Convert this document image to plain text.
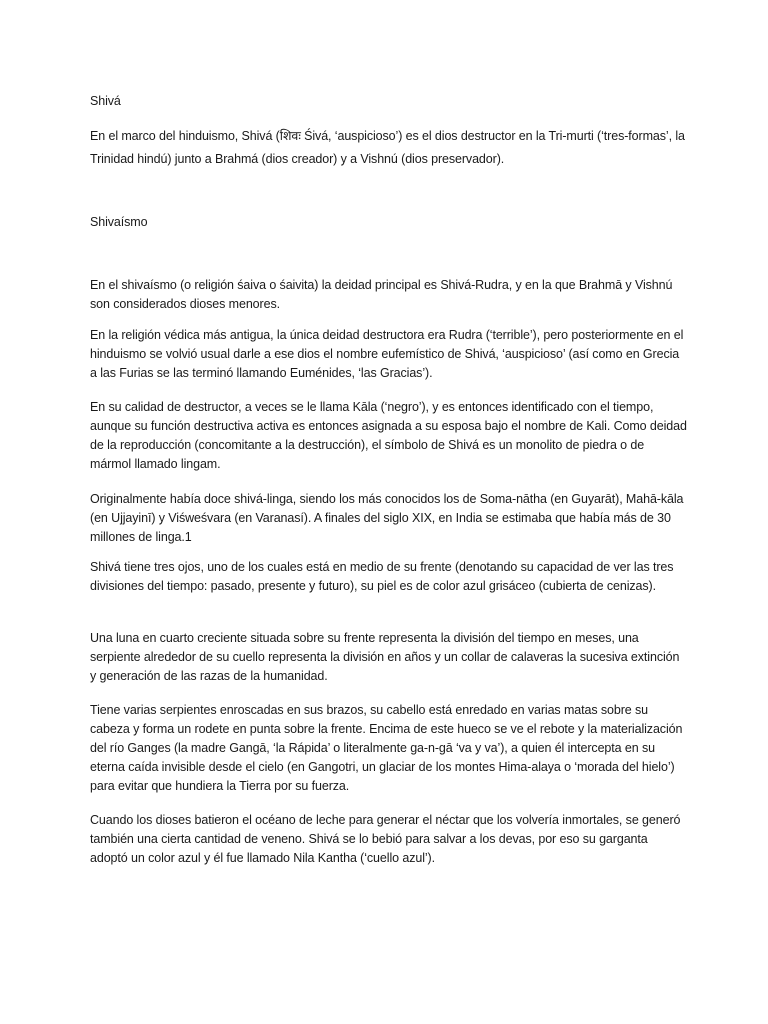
Shivá

En el marco del hinduismo, Shivá (शिवः Śivá, ‘auspicioso’) es el dios destructor en la Tri-murti (‘tres-formas’, la Trinidad hindú) junto a Brahmá (dios creador) y a Vishnú (dios preservador).

Shivaísmo

En el shivaísmo (o religión śaiva o śaivita) la deidad principal es Shivá-Rudra, y en la que Brahmā y Vishnú son considerados dioses menores.

En la religión védica más antigua, la única deidad destructora era Rudra (‘terrible’), pero posteriormente en el hinduismo se volvió usual darle a ese dios el nombre eufemístico de Shivá, ‘auspicioso’ (así como en Grecia a las Furias se las terminó llamando Euménides, ‘las Gracias’).

En su calidad de destructor, a veces se le llama Kāla (‘negro’), y es entonces identificado con el tiempo, aunque su función destructiva activa es entonces asignada a su esposa bajo el nombre de Kali. Como deidad de la reproducción (concomitante a la destrucción), el símbolo de Shivá es un monolito de piedra o de mármol llamado lingam.

Originalmente había doce shivá-linga, siendo los más conocidos los de Soma-nātha (en Guyarāt), Mahā-kāla (en Ujjayinī) y Viśweśvara (en Varanasí). A finales del siglo XIX, en India se estimaba que había más de 30 millones de linga.1

Shivá tiene tres ojos, uno de los cuales está en medio de su frente (denotando su capacidad de ver las tres divisiones del tiempo: pasado, presente y futuro), su piel es de color azul grisáceo (cubierta de cenizas).

Una luna en cuarto creciente situada sobre su frente representa la división del tiempo en meses, una serpiente alrededor de su cuello representa la división en años y un collar de calaveras la sucesiva extinción y generación de las razas de la humanidad.

Tiene varias serpientes enroscadas en sus brazos, su cabello está enredado en varias matas sobre su cabeza y forma un rodete en punta sobre la frente. Encima de este hueco se ve el rebote y la materialización del río Ganges (la madre Gangā, ‘la Rápida’ o literalmente ga-n-gā ‘va y va’), a quien él intercepta en su eterna caída invisible desde el cielo (en Gangotri, un glaciar de los montes Hima-alaya o ‘morada del hielo’) para evitar que hundiera la Tierra por su fuerza.

Cuando los dioses batieron el océano de leche para generar el néctar que los volvería inmortales, se generó también una cierta cantidad de veneno. Shivá se lo bebió para salvar a los devas, por eso su garganta adoptó un color azul y él fue llamado Nila Kantha (‘cuello azul’).
